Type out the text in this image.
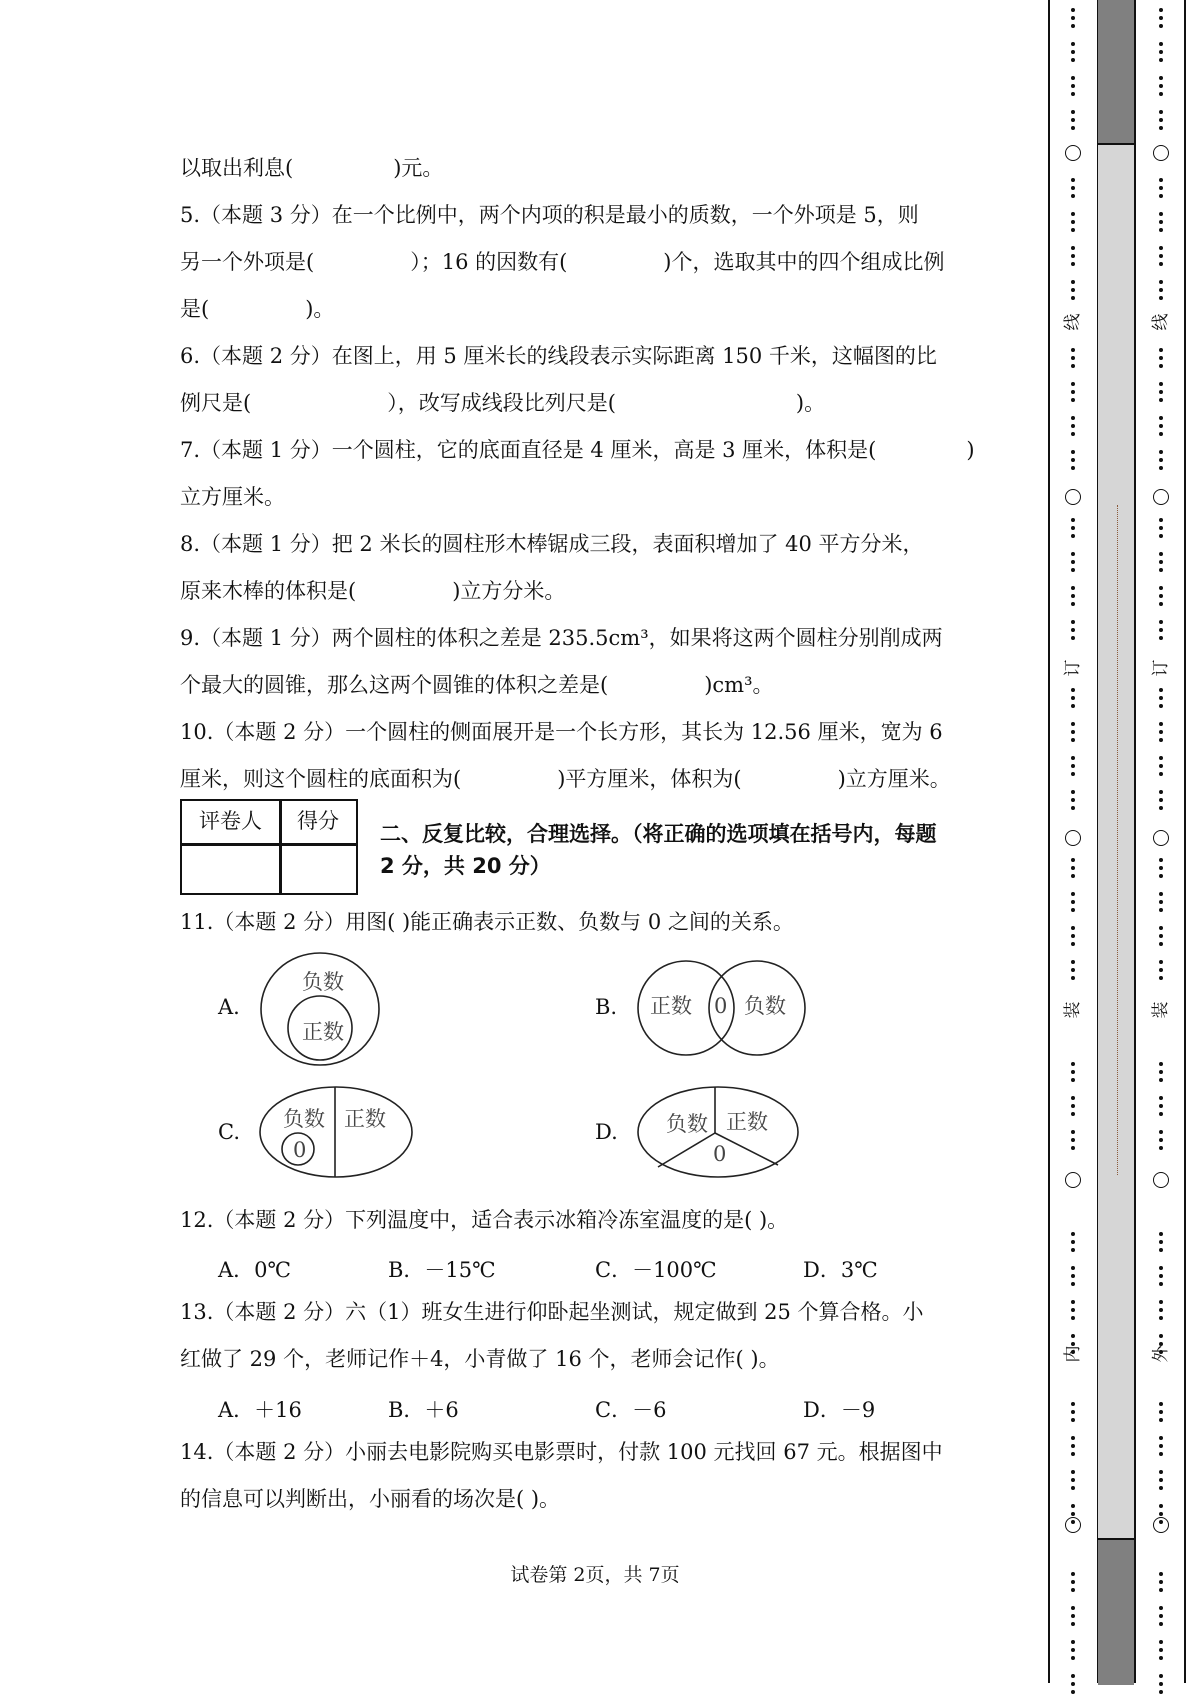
以取出利息(	)元。
5.（本题 3 分）在一个比例中，两个内项的积是最小的质数，一个外项是 5，则
另一个外项是(	）；16 的因数有(	)个，选取其中的四个组成比例
是(	)。
6.（本题 2 分）在图上，用 5 厘米长的线段表示实际距离 150 千米，这幅图的比
例尺是(	），改写成线段比列尺是(	)。
7.（本题 1 分）一个圆柱，它的底面直径是 4 厘米，高是 3 厘米，体积是(	)
立方厘米。
8.（本题 1 分）把 2 米长的圆柱形木棒锯成三段，表面积增加了 40 平方分米，
原来木棒的体积是(	)立方分米。
9.（本题 1 分）两个圆柱的体积之差是 235.5cm³，如果将这两个圆柱分别削成两
个最大的圆锥，那么这两个圆锥的体积之差是(	)cm³。
10.（本题 2 分）一个圆柱的侧面展开是一个长方形，其长为 12.56 厘米，宽为 6
厘米，则这个圆柱的底面积为(	)平方厘米，体积为(	)立方厘米。
评卷人	得分
二、反复比较，合理选择。（将正确的选项填在括号内，每题
2 分，共 20 分）
11.（本题 2 分）用图( )能正确表示正数、负数与 0 之间的关系。
A.
负数
正数
B. 正数 0 负数
C.
负数
0
正数
D. 负数 正数
0
12.（本题 2 分）下列温度中，适合表示冰箱冷冻室温度的是( )。
A．0℃	B．－15℃	C．－100℃	D．3℃
13.（本题 2 分）六（1）班女生进行仰卧起坐测试，规定做到 25 个算合格。小
红做了 29 个，老师记作＋4，小青做了 16 个，老师会记作( )。
A．＋16	B．＋6	C．－6	D．－9
14.（本题 2 分）小丽去电影院购买电影票时，付款 100 元找回 67 元。根据图中
的信息可以判断出，小丽看的场次是( )。
试卷第 2页，共 7页
线
订
装
内
线
订
装
外
